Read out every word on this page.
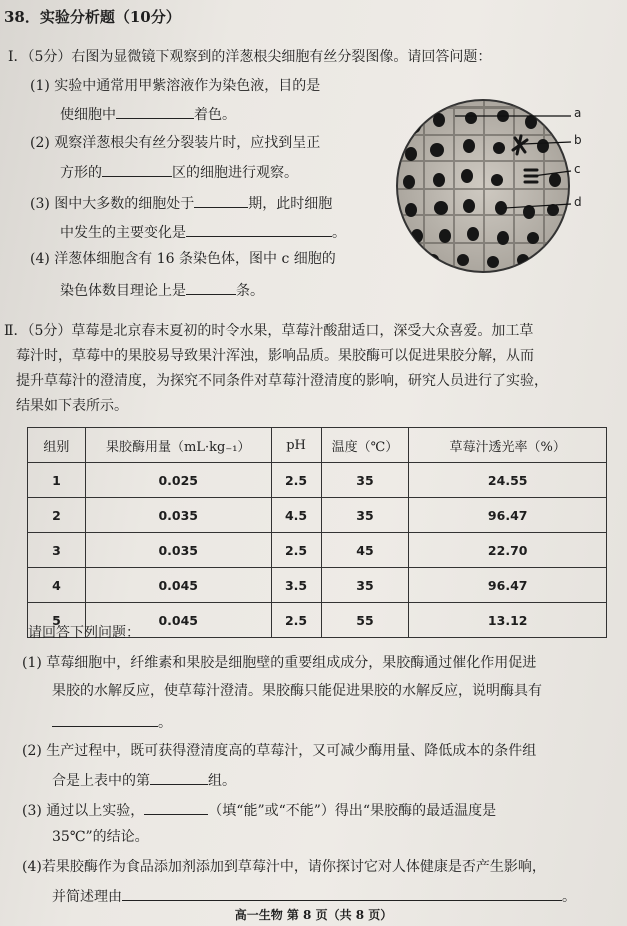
38．实验分析题（10分）
Ⅰ．（5分）右图为显微镜下观察到的洋葱根尖细胞有丝分裂图像。请回答问题：
(1) 实验中通常用甲紫溶液作为染色液，目的是
使细胞中	着色。
(2) 观察洋葱根尖有丝分裂装片时，应找到呈正
方形的	区的细胞进行观察。
(3) 图中大多数的细胞处于	期，此时细胞
中发生的主要变化是	。
(4) 洋葱体细胞含有 16 条染色体，图中 c 细胞的
染色体数目理论上是	条。
a
b
c
d
Ⅱ．（5分）草莓是北京春末夏初的时令水果，草莓汁酸甜适口，深受大众喜爱。加工草
莓汁时，草莓中的果胶易导致果汁浑浊，影响品质。果胶酶可以促进果胶分解，从而
提升草莓汁的澄清度，为探究不同条件对草莓汁澄清度的影响，研究人员进行了实验，
结果如下表所示。
组别	果胶酶用量（mL·kg₋₁）	pH	温度（℃）	草莓汁透光率（%）
1	0.025	2.5	35	24.55
2	0.035	4.5	35	96.47
3	0.035	2.5	45	22.70
4	0.045	3.5	35	96.47
5	0.045	2.5	55	13.12
请回答下列问题：
(1) 草莓细胞中，纤维素和果胶是细胞壁的重要组成成分，果胶酶通过催化作用促进
果胶的水解反应，使草莓汁澄清。果胶酶只能促进果胶的水解反应，说明酶具有
。
(2) 生产过程中，既可获得澄清度高的草莓汁，又可减少酶用量、降低成本的条件组
合是上表中的第	组。
(3) 通过以上实验，	（填“能”或“不能”）得出“果胶酶的最适温度是
35℃”的结论。
(4)若果胶酶作为食品添加剂添加到草莓汁中，请你探讨它对人体健康是否产生影响，
并简述理由	。
高一生物 第 8 页（共 8 页）
